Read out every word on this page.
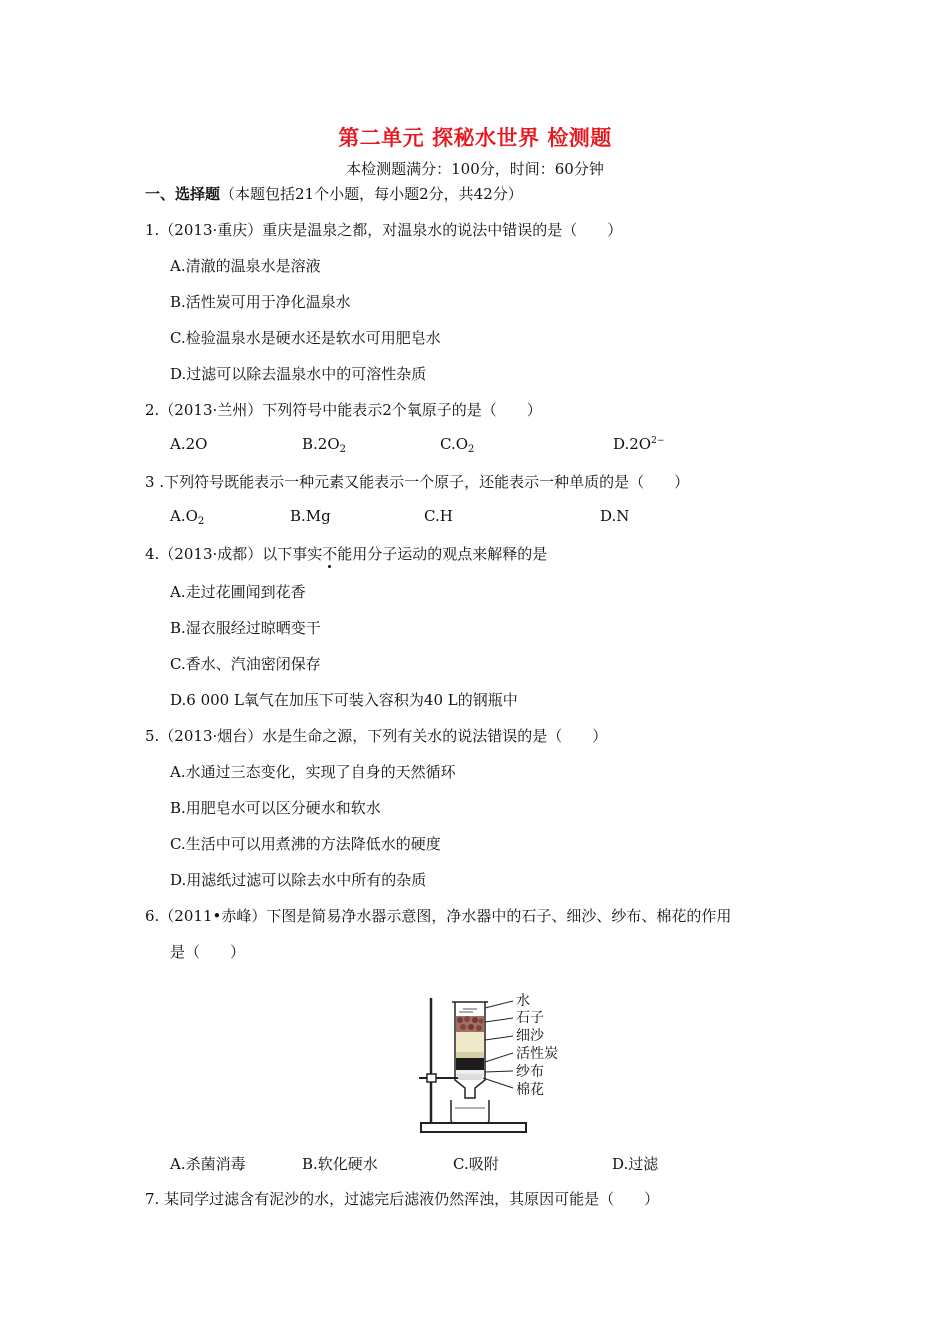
第二单元 探秘水世界 检测题
本检测题满分：100分，时间：60分钟
一、选择题（本题包括21个小题，每小题2分，共42分）
1.（2013·重庆）重庆是温泉之都，对温泉水的说法中错误的是（　　）
A.清澈的温泉水是溶液
B.活性炭可用于净化温泉水
C.检验温泉水是硬水还是软水可用肥皂水
D.过滤可以除去温泉水中的可溶性杂质
2.（2013·兰州）下列符号中能表示2个氧原子的是（　　）
A.2O	$B.2O_2$	$C.O_2$	$D.2O^{2-}$
3 .下列符号既能表示一种元素又能表示一个原子，还能表示一种单质的是（　　）
$A.O_2$	B.Mg	C.H	D.N
4.（2013·成都）以下事实不能用分子运动的观点来解释的是
A.走过花圃闻到花香
B.湿衣服经过晾晒变干
C.香水、汽油密闭保存
D.6 000 L氧气在加压下可装入容积为40 L的钢瓶中
5.（2013·烟台）水是生命之源，下列有关水的说法错误的是（　　）
A.水通过三态变化，实现了自身的天然循环
B.用肥皂水可以区分硬水和软水
C.生活中可以用煮沸的方法降低水的硬度
D.用滤纸过滤可以除去水中所有的杂质
6.（2011•赤峰）下图是简易净水器示意图，净水器中的石子、细沙、纱布、棉花的作用
是（　　）
水
石子
细沙
活性炭
纱布
棉花
A.杀菌消毒	B.软化硬水	C.吸附	D.过滤
7. 某同学过滤含有泥沙的水，过滤完后滤液仍然浑浊，其原因可能是（　　）
